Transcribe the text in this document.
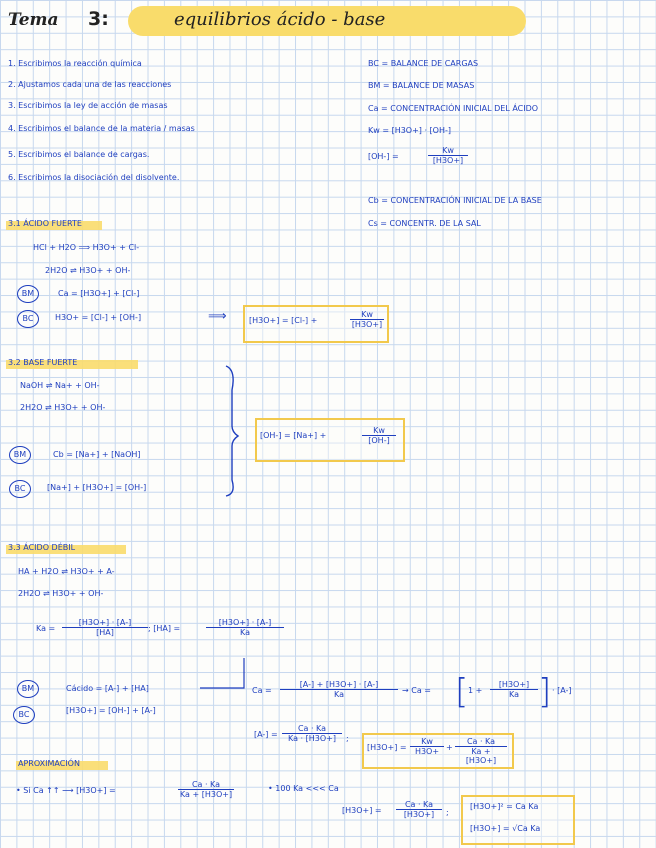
Tema 3:	equilibrios ácido - base
1. Escribimos la reacción química
2. Ajustamos cada una de las reacciones
3. Escribimos la ley de acción de masas
4. Escribimos el balance de la materia / masas
5. Escribimos el balance de cargas.
6. Escribimos la disociación del disolvente.
BC = BALANCE DE CARGAS
BM = BALANCE DE MASAS
Ca = CONCENTRACIÓN INICIAL DEL ÁCIDO
Kw = [H3O+] · [OH-]
[OH-] =	$\frac{Kw}{[H3O+]}$
Cb = CONCENTRACIÓN INICIAL DE LA BASE
Cs = CONCENTR. DE LA SAL
3.1 ÁCIDO FUERTE
HCl + H2O ⟹ H3O+ + Cl-
2H2O ⇌ H3O+ + OH-
BM	Ca = [H3O+] + [Cl-]
BC	H3O+ = [Cl-] + [OH-]	⟹	[H3O+] = [Cl-] +	$\frac{Kw}{[H3O+]}$
3.2 BASE FUERTE
NaOH ⇌ Na+ + OH-
2H2O ⇌ H3O+ + OH-
BM	Cb = [Na+] + [NaOH]
BC	[Na+] + [H3O+] = [OH-]
[OH-] = [Na+] +	$\frac{Kw}{[OH-]}$
3.3 ÁCIDO DÉBIL
HA + H2O ⇌ H3O+ + A-
2H2O ⇌ H3O+ + OH-
$Ka = \frac{[H3O+] \cdot [A-]}{[HA]}$ ; [HA] =	$\frac{[H3O+] \cdot [A-]}{Ka}$
BM	Cácido = [A-] + [HA]
BC	[H3O+] = [OH-] + [A-]
$Ca = \frac{[A-] + [H3O+] \cdot [A-]}{Ka} \to Ca$ = [ $1 + \frac{[H3O+]}{Ka}$ ] · [A-]
$[A-] = \frac{Ca \cdot Ka}{Ka \cdot [H3O+]}$ ;
$[H3O+] = \frac{Kw}{H3O+} + \frac{Ca \cdot Ka}{Ka + [H3O+]}$
APROXIMACIÓN
• Si Ca ↑↑ ⟶ [H3O+] =	$\frac{Ca \cdot Ka}{Ka + [H3O+]}$	• 100 Ka <<< Ca
$[H3O+] = \frac{Ca \cdot Ka}{[H3O+]}$ ;
[H3O+]² = Ca Ka
[H3O+] = √Ca Ka
